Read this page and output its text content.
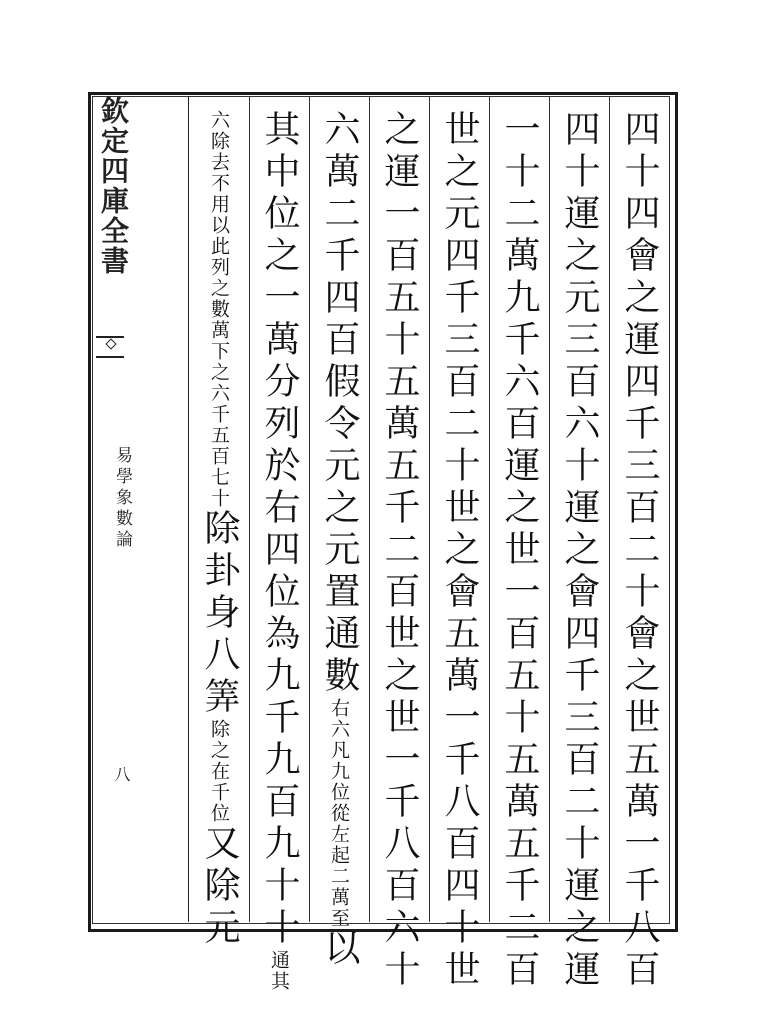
欽定四庫全書
易學象數論
八	四十四會之運四千三百二十會之世五萬一千八百
四十運之元三百六十運之會四千三百二十運之運
一十二萬九千六百運之世一百五十五萬五千二百
世之元四千三百二十世之會五萬一千八百四十世
之運一百五十五萬五千二百世之世一千八百六十
六萬二千四百假令元之元置通數
從左起二萬至
右六凡九位
以
其中位之一萬分列於右四位為九千九百九十十
其
通
數萬下之六千五百七十
六除去不用以此列之
除卦身八筭
在千位
除之
又除元
